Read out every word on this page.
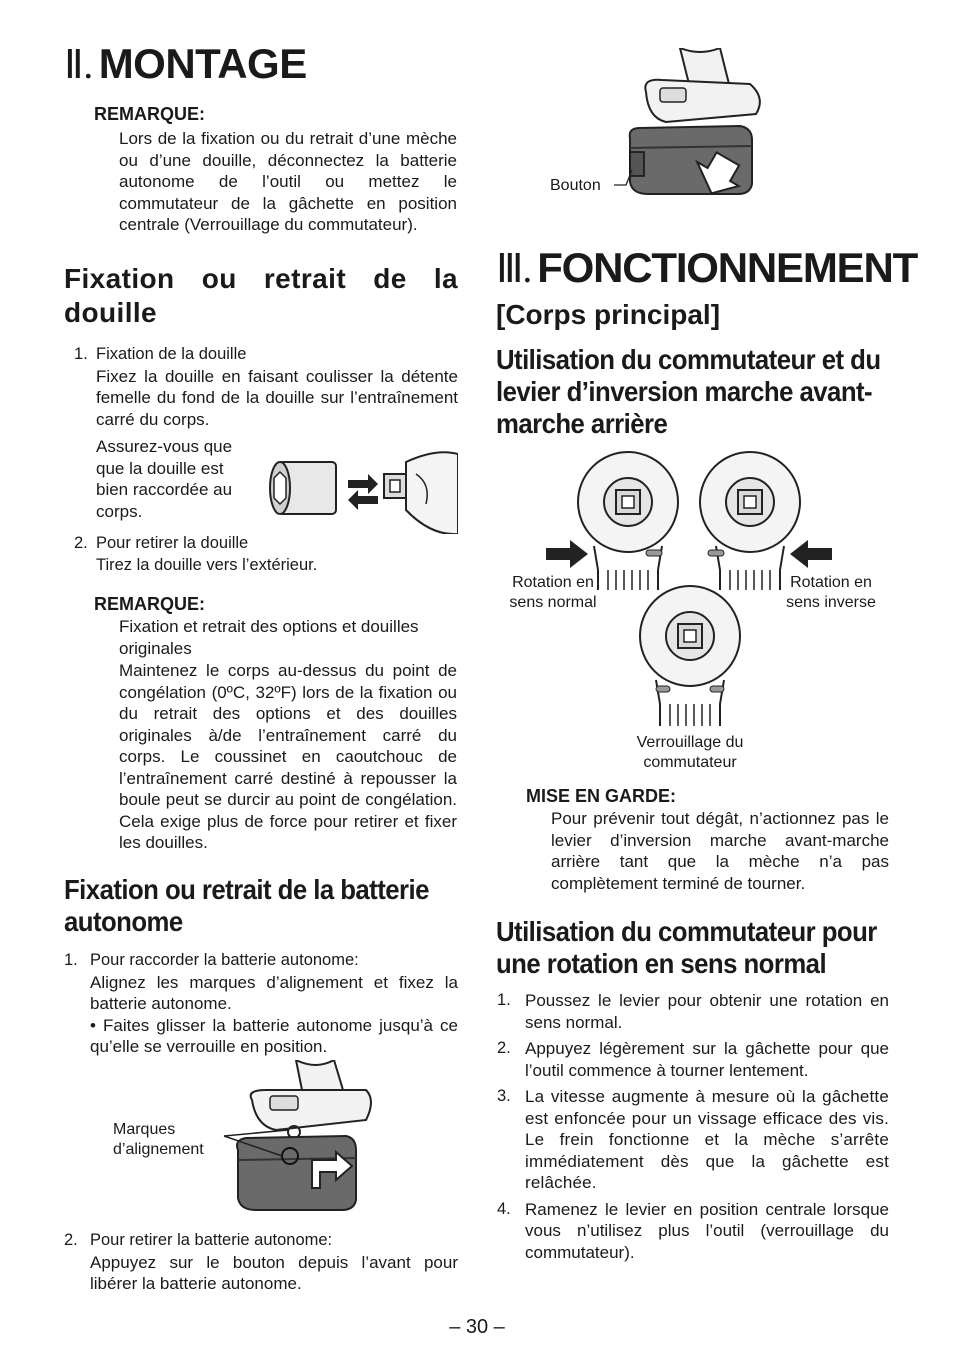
Ⅱ. MONTAGE
REMARQUE:
Lors de la fixation ou du retrait d’une mèche ou d’une douille, déconnectez la batterie autonome de l’outil ou mettez le commutateur de la gâchette en position centrale (Verrouillage du commutateur).
Fixation ou retrait de la douille
1. Fixation de la douille
Fixez la douille en faisant coulisser la détente femelle du fond de la douille sur l’entraînement carré du corps.
Assurez-vous que que la douille est bien raccordée au corps.
2. Pour retirer la douille
Tirez la douille vers l’extérieur.
REMARQUE:
Fixation et retrait des options et douilles originales
Maintenez le corps au-dessus du point de congélation (0ºC, 32ºF) lors de la fixation ou du retrait des options et des douilles originales à/de l’entraînement carré du corps. Le coussinet en caoutchouc de l’entraînement carré destiné à repousser la boule peut se durcir au point de congélation. Cela exige plus de force pour retirer et fixer les douilles.
Fixation ou retrait de la batterie autonome
1. Pour raccorder la batterie autonome:
Alignez les marques d’alignement et fixez la batterie autonome.
• Faites glisser la batterie autonome jusqu’à ce qu’elle se verrouille en position.
Marques d’alignement
2. Pour retirer la batterie autonome:
Appuyez sur le bouton depuis l’avant pour libérer la batterie autonome.
Bouton
Ⅲ. FONCTIONNEMENT
[Corps principal]
Utilisation du commutateur et du levier d’inversion marche avant-marche arrière
Rotation en sens normal
Rotation en sens inverse
Verrouillage du commutateur
MISE EN GARDE:
Pour prévenir tout dégât, n’actionnez pas le levier d’inversion marche avant-marche arrière tant que la mèche n’a pas complètement terminé de tourner.
Utilisation du commutateur pour une rotation en sens normal
1. Poussez le levier pour obtenir une rotation en sens normal.
2. Appuyez légèrement sur la gâchette pour que l’outil commence à tourner lentement.
3. La vitesse augmente à mesure où la gâchette est enfoncée pour un vissage efficace des vis. Le frein fonctionne et la mèche s’arrête immédiatement dès que la gâchette est relâchée.
4. Ramenez le levier en position centrale lorsque vous n’utilisez plus l’outil (verrouillage du commutateur).
– 30 –
